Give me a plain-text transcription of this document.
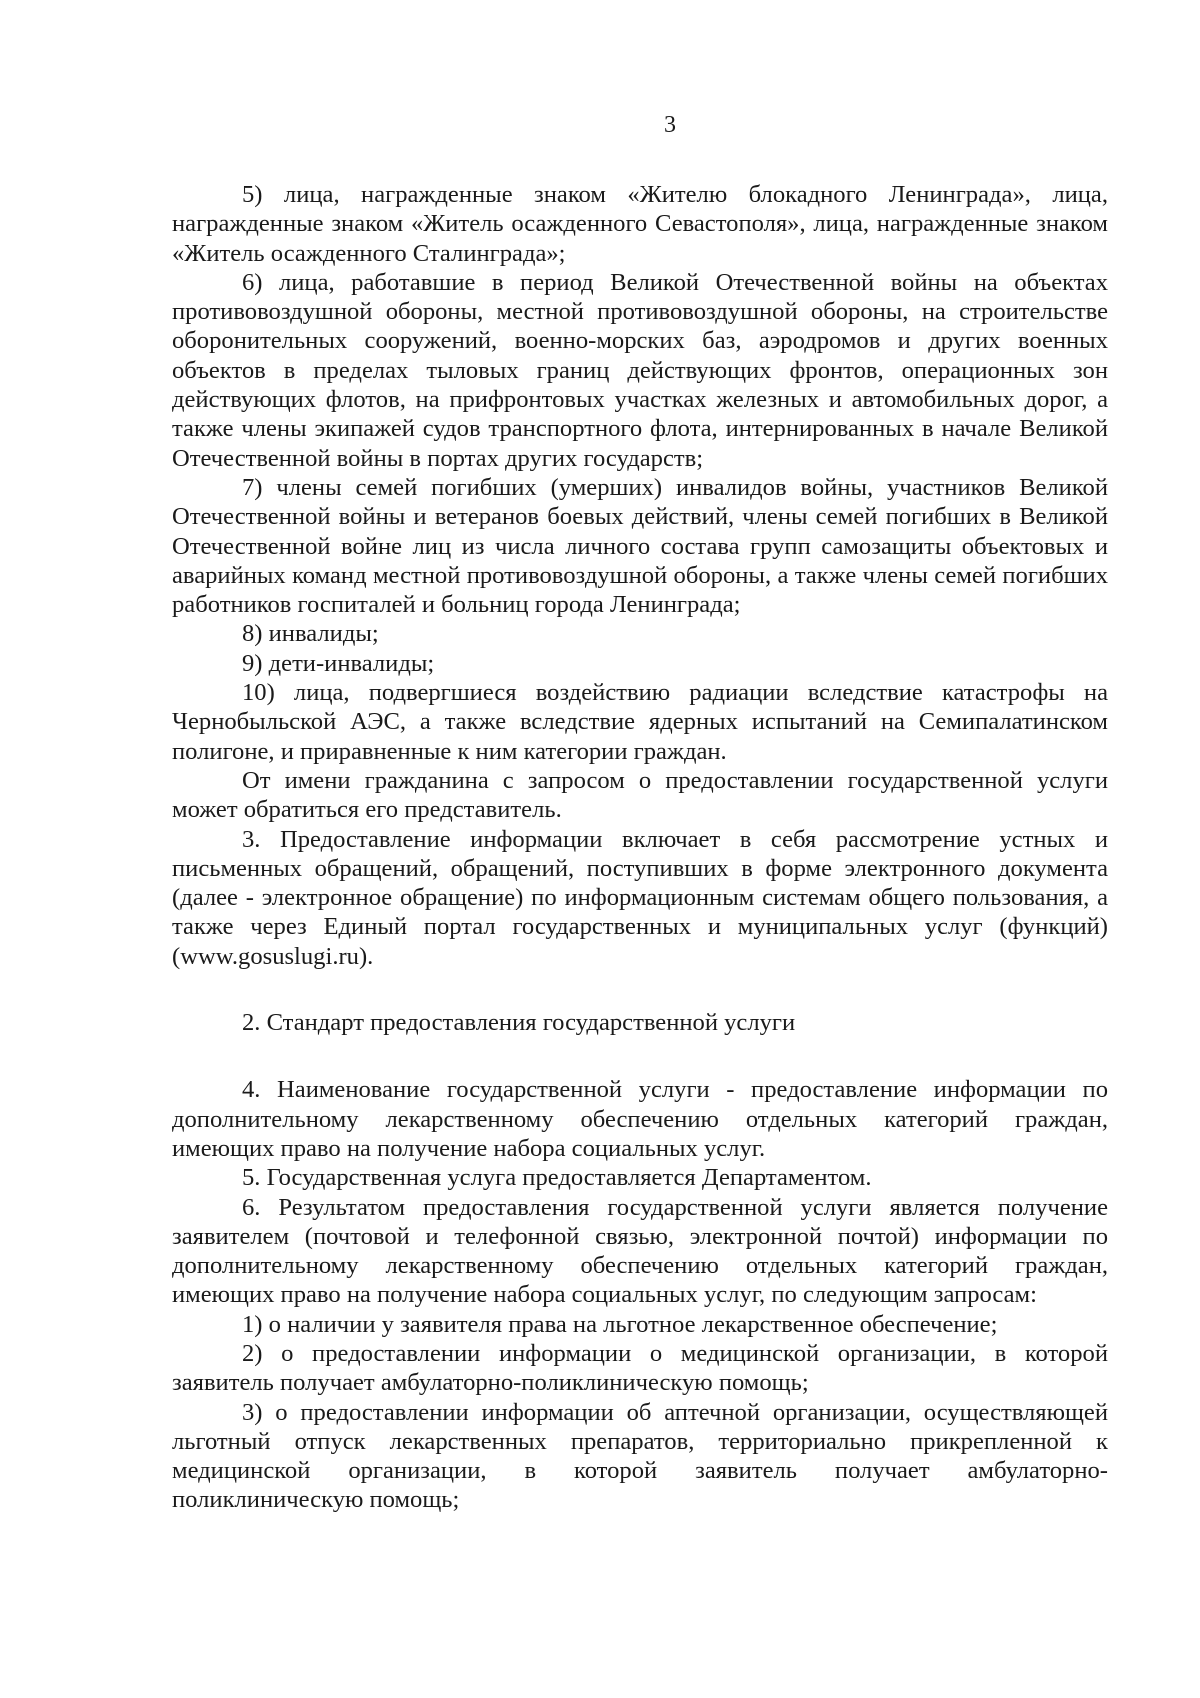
3

5) лица, награжденные знаком «Жителю блокадного Ленинграда», лица, награжденные знаком «Житель осажденного Севастополя», лица, награжденные знаком «Житель осажденного Сталинграда»;

6) лица, работавшие в период Великой Отечественной войны на объектах противовоздушной обороны, местной противовоздушной обороны, на строительстве оборонительных сооружений, военно-морских баз, аэродромов и других военных объектов в пределах тыловых границ действующих фронтов, операционных зон действующих флотов, на прифронтовых участках железных и автомобильных дорог, а также члены экипажей судов транспортного флота, интернированных в начале Великой Отечественной войны в портах других государств;

7) члены семей погибших (умерших) инвалидов войны, участников Великой Отечественной войны и ветеранов боевых действий, члены семей погибших в Великой Отечественной войне лиц из числа личного состава групп самозащиты объектовых и аварийных команд местной противовоздушной обороны, а также члены семей погибших работников госпиталей и больниц города Ленинграда;

8) инвалиды;

9) дети-инвалиды;

10) лица, подвергшиеся воздействию радиации вследствие катастрофы на Чернобыльской АЭС, а также вследствие ядерных испытаний на Семипалатинском полигоне, и приравненные к ним категории граждан.

От имени гражданина с запросом о предоставлении государственной услуги может обратиться его представитель.

3. Предоставление информации включает в себя рассмотрение устных и письменных обращений, обращений, поступивших в форме электронного документа (далее - электронное обращение) по информационным системам общего пользования, а также через Единый портал государственных и муниципальных услуг (функций) (www.gosuslugi.ru).

2. Стандарт предоставления государственной услуги

4. Наименование государственной услуги - предоставление информации по дополнительному лекарственному обеспечению отдельных категорий граждан, имеющих право на получение набора социальных услуг.

5. Государственная услуга предоставляется Департаментом.

6. Результатом предоставления государственной услуги является получение заявителем (почтовой и телефонной связью, электронной почтой) информации по дополнительному лекарственному обеспечению отдельных категорий граждан, имеющих право на получение набора социальных услуг, по следующим запросам:

1) о наличии у заявителя права на льготное лекарственное обеспечение;

2) о предоставлении информации о медицинской организации, в которой заявитель получает амбулаторно-поликлиническую помощь;

3) о предоставлении информации об аптечной организации, осуществляющей льготный отпуск лекарственных препаратов, территориально прикрепленной к медицинской организации, в которой заявитель получает амбулаторно-поликлиническую помощь;
